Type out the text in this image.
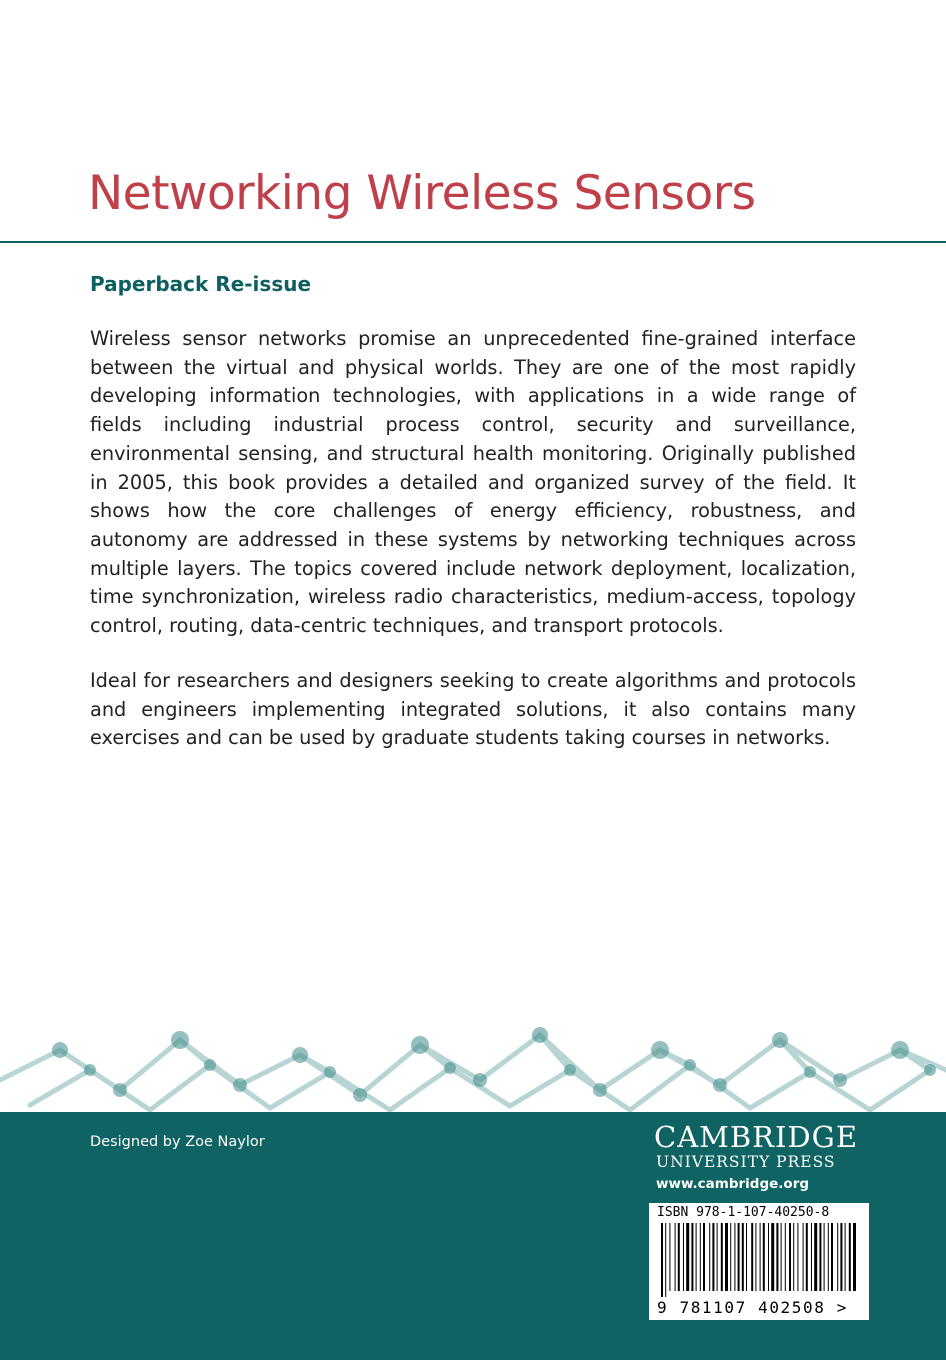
Networking Wireless Sensors
Paperback Re-issue
Wireless sensor networks promise an unprecedented fine-grained interface between the virtual and physical worlds. They are one of the most rapidly developing information technologies, with applications in a wide range of fields including industrial process control, security and surveillance, environmental sensing, and structural health monitoring. Originally published in 2005, this book provides a detailed and organized survey of the field. It shows how the core challenges of energy efficiency, robustness, and autonomy are addressed in these systems by networking techniques across multiple layers. The topics covered include network deployment, localization, time synchronization, wireless radio characteristics, medium-access, topology control, routing, data-centric techniques, and transport protocols.
Ideal for researchers and designers seeking to create algorithms and protocols and engineers implementing integrated solutions, it also contains many exercises and can be used by graduate students taking courses in networks.
Designed by Zoe Naylor	CAMBRIDGE
UNIVERSITY PRESS
www.cambridge.org
ISBN 978-1-107-40250-8
9 781107 402508 >
